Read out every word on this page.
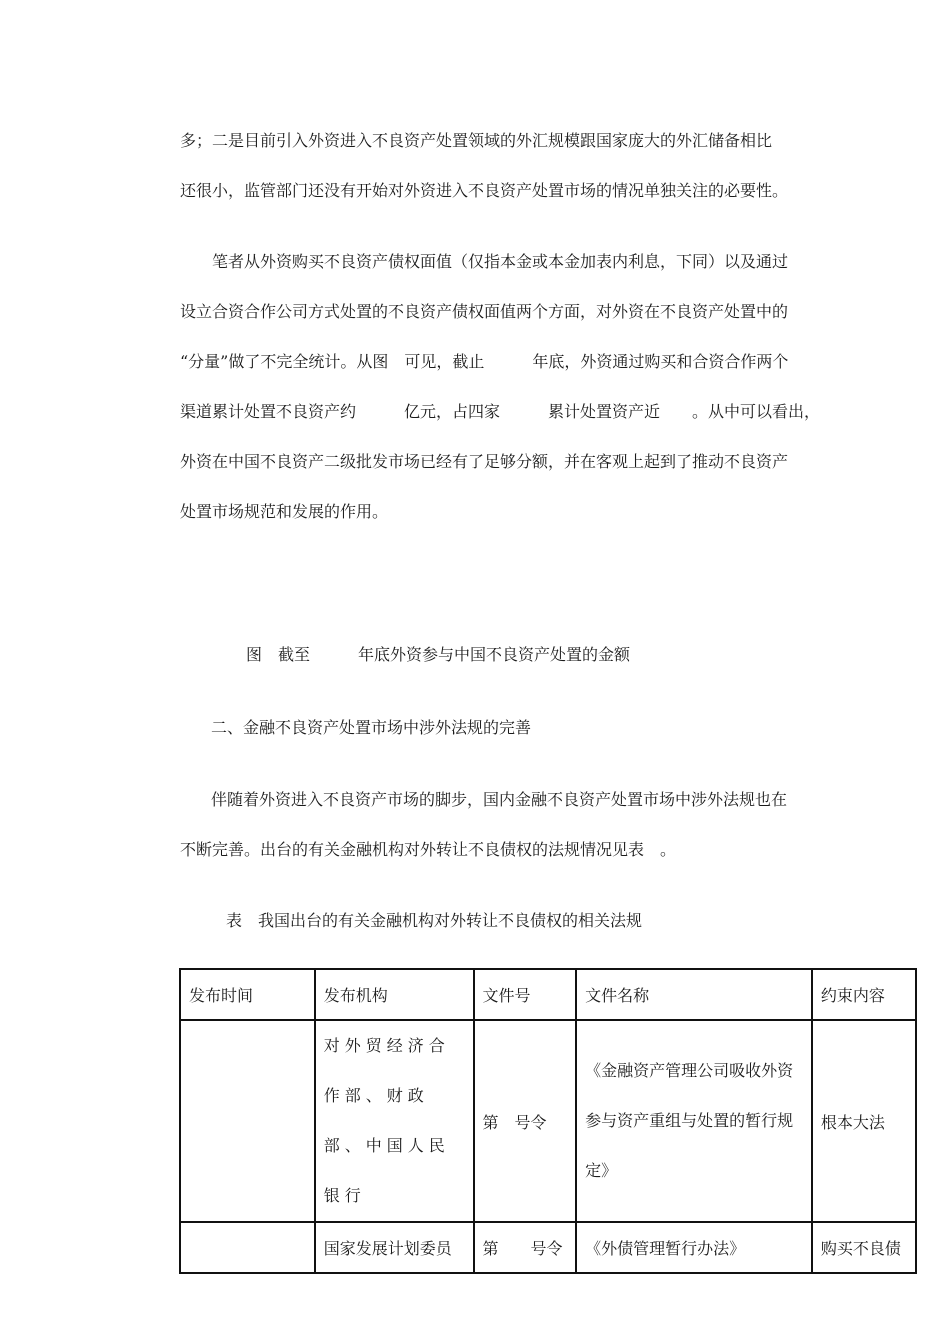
多；二是目前引入外资进入不良资产处置领域的外汇规模跟国家庞大的外汇储备相比
还很小，监管部门还没有开始对外资进入不良资产处置市场的情况单独关注的必要性。
笔者从外资购买不良资产债权面值（仅指本金或本金加表内利息，下同）以及通过
设立合资合作公司方式处置的不良资产债权面值两个方面，对外资在不良资产处置中的
“分量”做了不完全统计。从图　可见，截止　　　年底，外资通过购买和合资合作两个
渠道累计处置不良资产约　　　亿元，占四家　　　累计处置资产近　　。从中可以看出，
外资在中国不良资产二级批发市场已经有了足够分额，并在客观上起到了推动不良资产
处置市场规范和发展的作用。
图　截至　　　年底外资参与中国不良资产处置的金额
二、金融不良资产处置市场中涉外法规的完善
伴随着外资进入不良资产市场的脚步，国内金融不良资产处置市场中涉外法规也在
不断完善。出台的有关金融机构对外转让不良债权的法规情况见表　。
表　我国出台的有关金融机构对外转让不良债权的相关法规
发布时间	发布机构	文件号	文件名称	约束内容
	对外贸经济合作部、财政部、中国人民银行	第　号令	《金融资产管理公司吸收外资参与资产重组与处置的暂行规定》	根本大法
	国家发展计划委员	第　　号令	《外债管理暂行办法》	购买不良债
